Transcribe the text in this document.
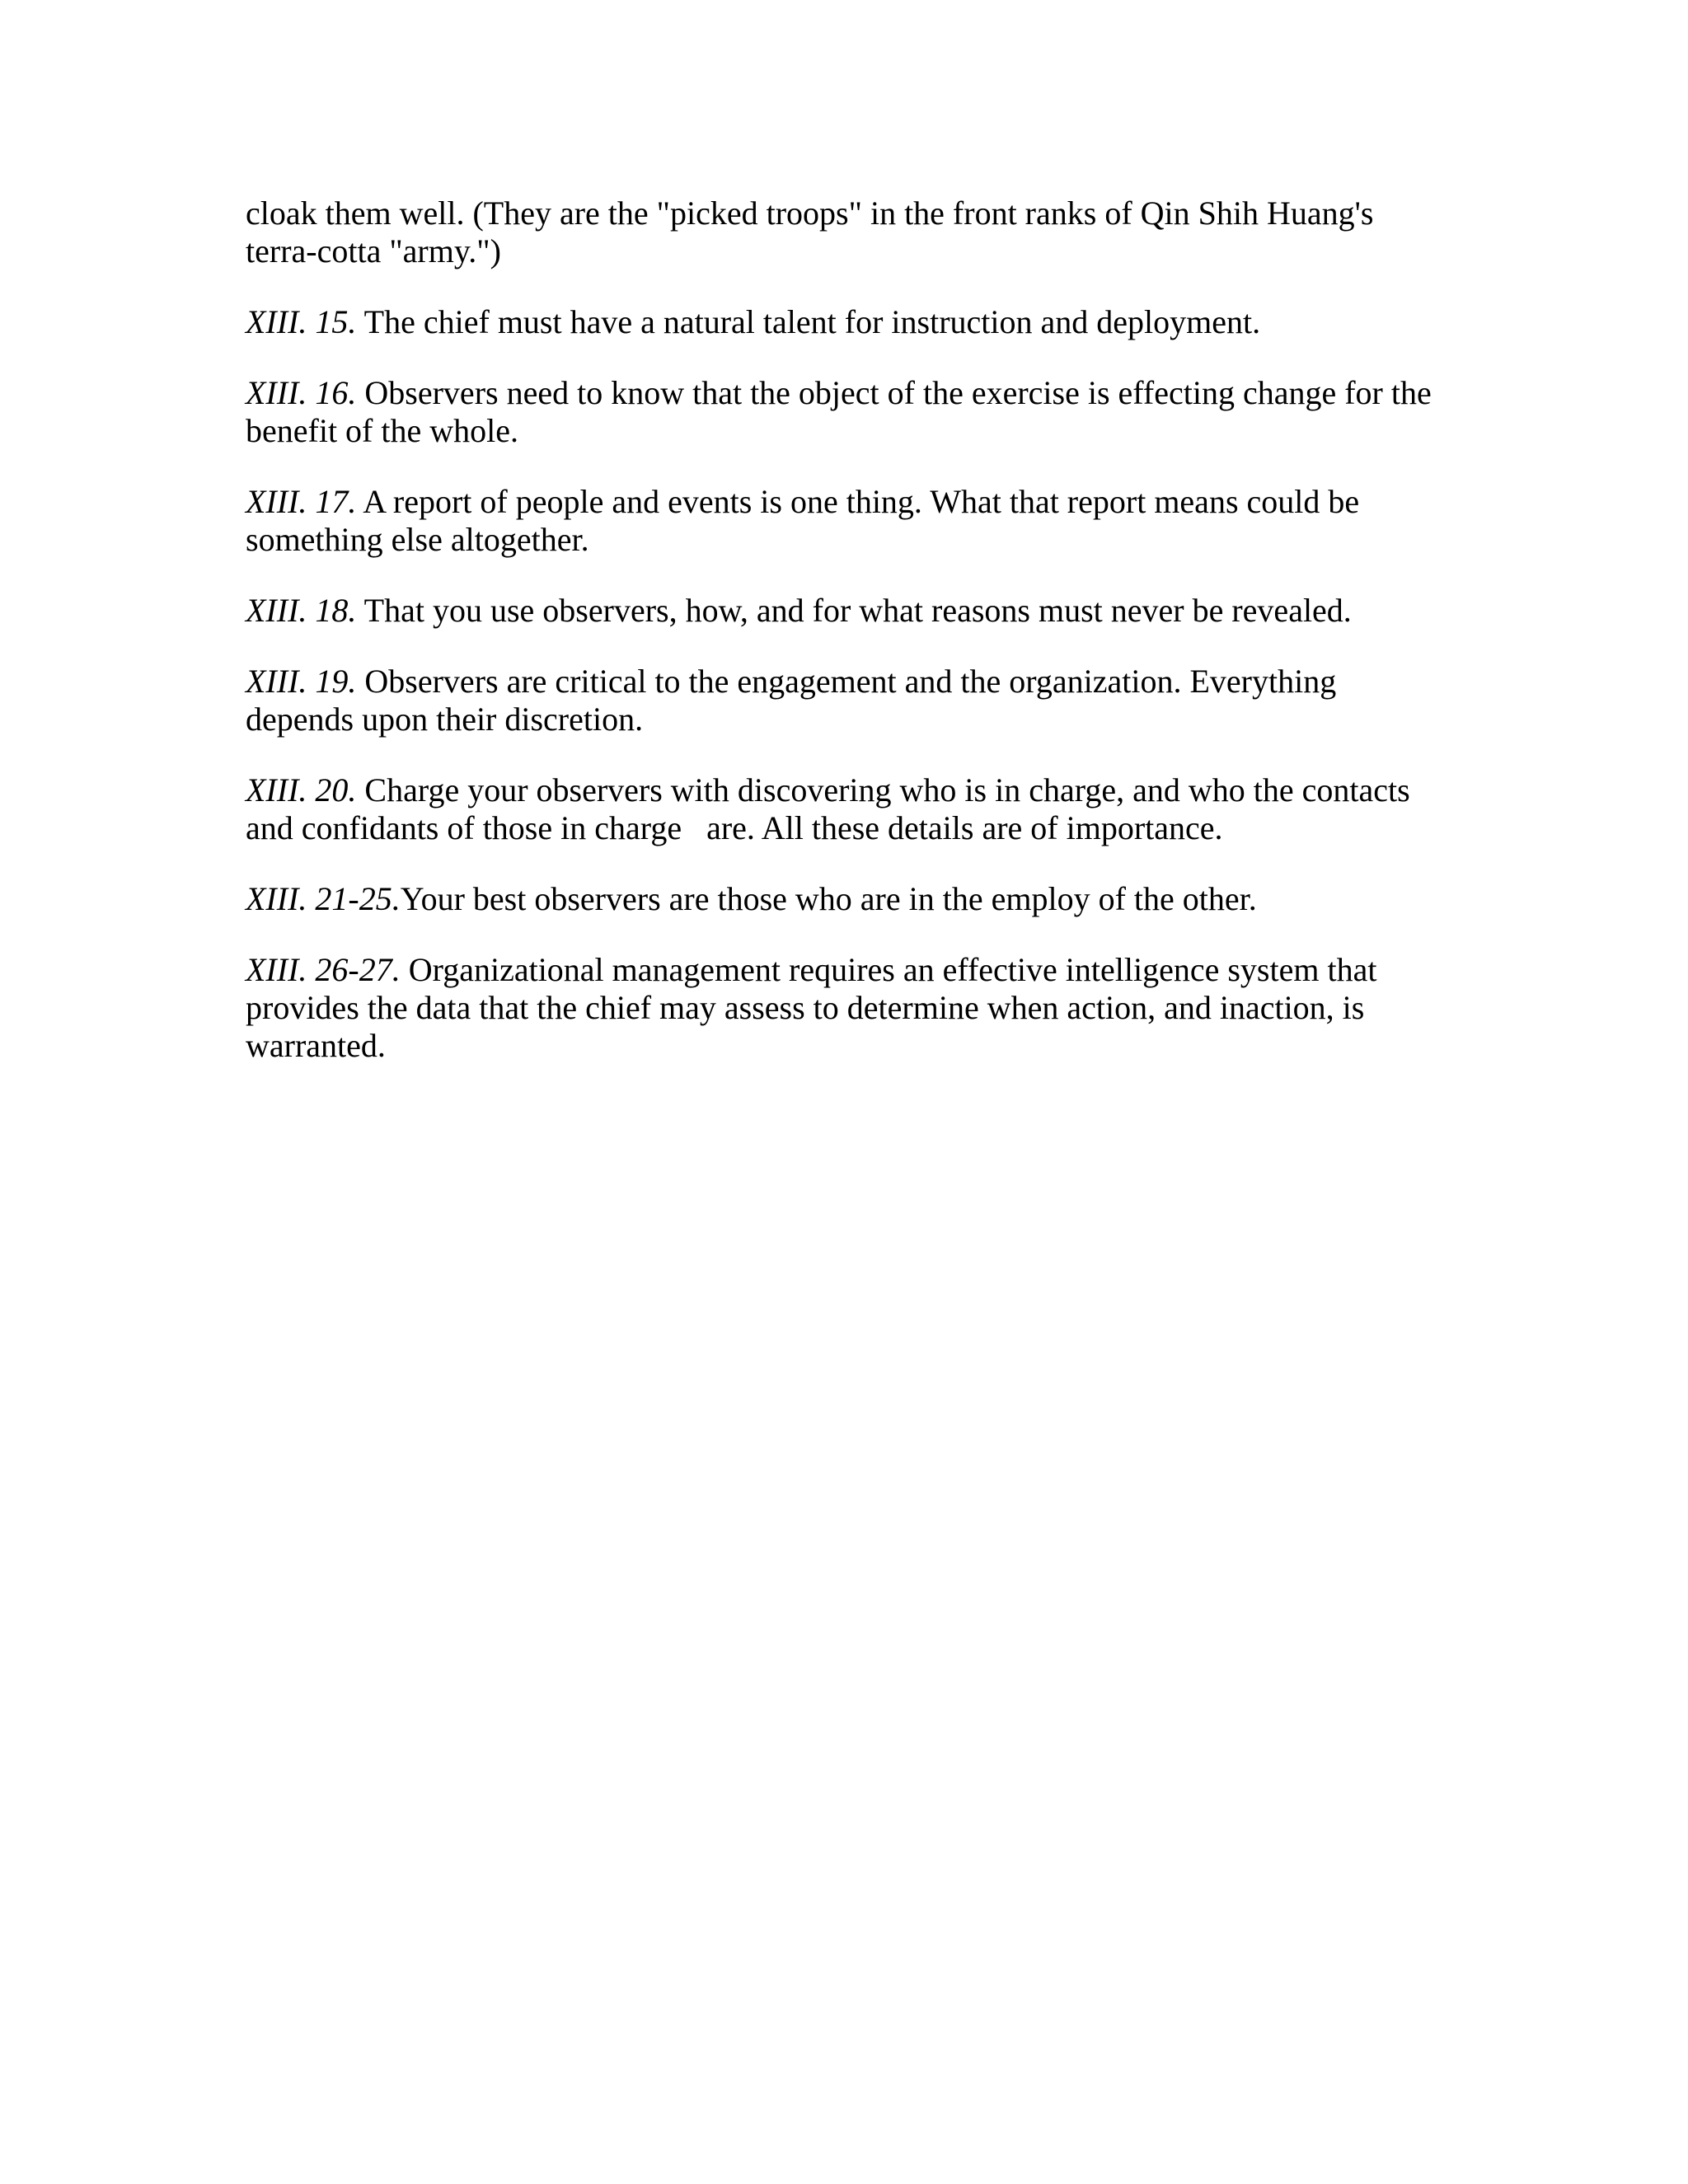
cloak them well. (They are the "picked troops" in the front ranks of Qin Shih Huang's terra-cotta "army.")

XIII. 15. The chief must have a natural talent for instruction and deployment.

XIII. 16. Observers need to know that the object of the exercise is effecting change for the benefit of the whole.

XIII. 17. A report of people and events is one thing. What that report means could be something else altogether.

XIII. 18. That you use observers, how, and for what reasons must never be revealed.

XIII. 19. Observers are critical to the engagement and the organization. Everything depends upon their discretion.

XIII. 20. Charge your observers with discovering who is in charge, and who the contacts and confidants of those in charge   are. All these details are of importance.

XIII. 21-25.Your best observers are those who are in the employ of the other.

XIII. 26-27. Organizational management requires an effective intelligence system that provides the data that the chief may assess to determine when action, and inaction, is warranted.
